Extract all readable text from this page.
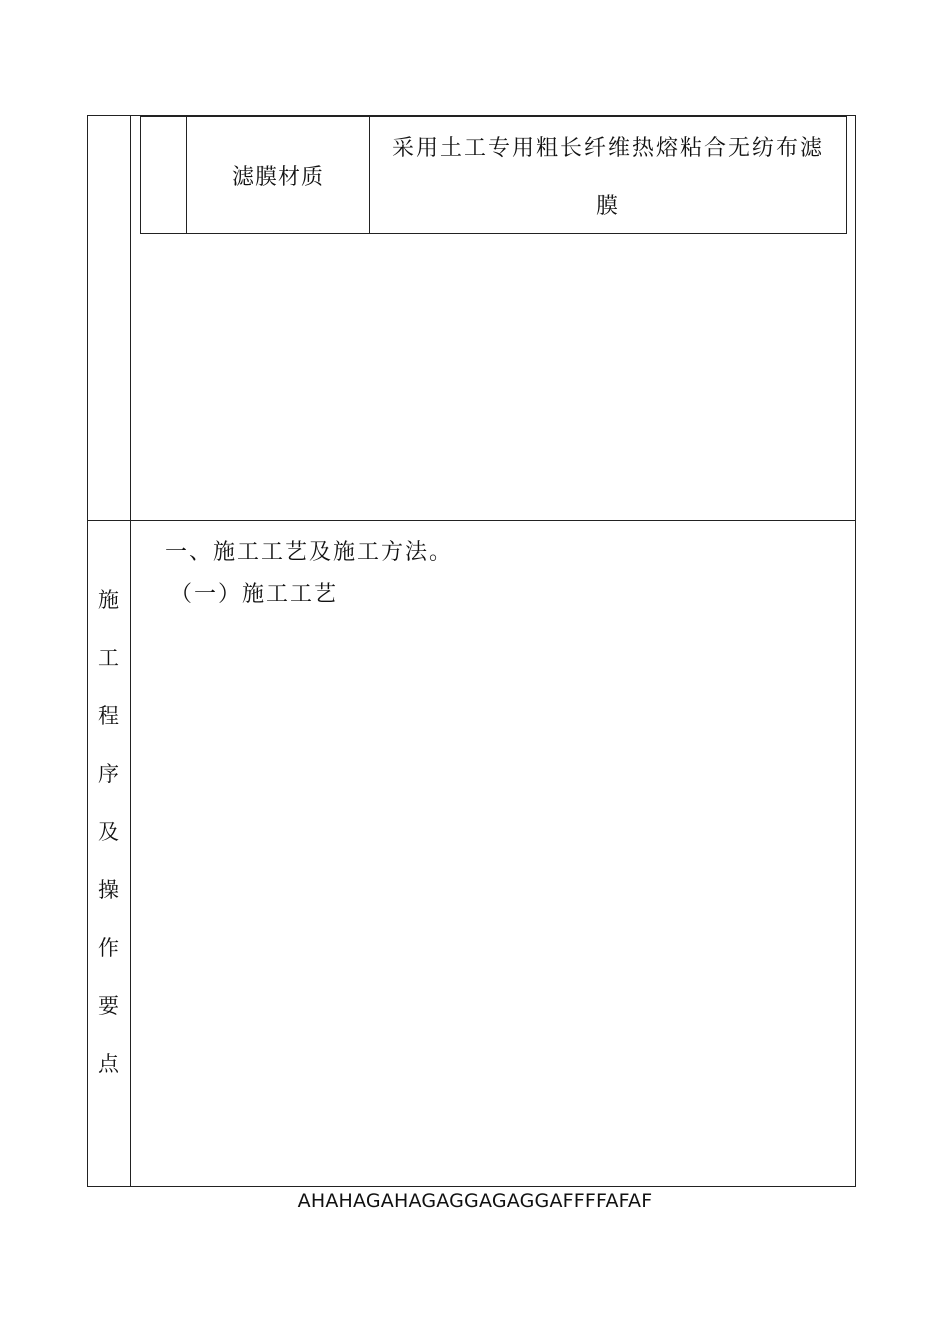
滤膜材质
采用土工专用粗长纤维热熔粘合无纺布滤
膜
施
工
程
序
及
操
作
要
点
一、施工工艺及施工方法。
（一）施工工艺
AHAHAGAHAGAGGAGAGGAFFFFAFAF
